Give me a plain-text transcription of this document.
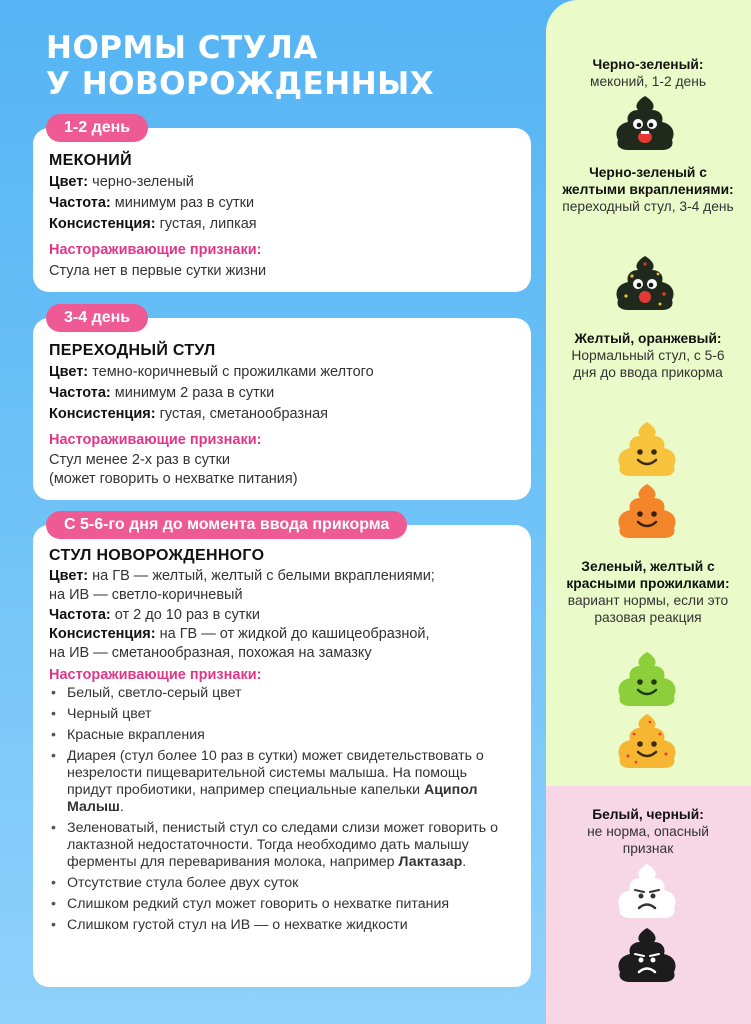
НОРМЫ СТУЛА
У НОВОРОЖДЕННЫХ
1-2 день
МЕКОНИЙ

Цвет: черно-зеленый

Частота: минимум раз в сутки

Консистенция: густая, липкая

Настораживающие признаки:

Стула нет в первые сутки жизни

3-4 день
ПЕРЕХОДНЫЙ СТУЛ

Цвет: темно-коричневый с прожилками желтого

Частота: минимум 2 раза в сутки

Консистенция: густая, сметанообразная

Настораживающие признаки:

Стул менее 2-х раз в сутки

(может говорить о нехватке питания)

С 5-6-го дня до момента ввода прикорма
СТУЛ НОВОРОЖДЕННОГО

Цвет: на ГВ — желтый, желтый с белыми вкраплениями;
на ИВ — светло-коричневый

Частота: от 2 до 10 раз в сутки

Консистенция: на ГВ — от жидкой до кашицеобразной,
на ИВ — сметанообразная, похожая на замазку

Настораживающие признаки:
• Белый, светло-серый цвет
• Черный цвет
• Красные вкрапления
• Диарея (стул более 10 раз в сутки) может свидетельствовать о незрелости пищеварительной системы малыша. На помощь придут пробиотики, например специальные капельки Аципол Малыш.
• Зеленоватый, пенистый стул со следами слизи может говорить о лактазной недостаточности. Тогда необходимо дать малышу ферменты для переваривания молока, например Лактазар.
• Отсутствие стула более двух суток
• Слишком редкий стул может говорить о нехватке питания
• Слишком густой стул на ИВ — о нехватке жидкости
Черно-зеленый:
меконий, 1-2 день
Черно-зеленый с желтыми вкраплениями:
переходный стул, 3-4 день
Желтый, оранжевый:
Нормальный стул, с 5-6 дня до ввода прикорма
Зеленый, желтый с красными прожилками:
вариант нормы, если это разовая реакция
Белый, черный:
не норма, опасный признак
